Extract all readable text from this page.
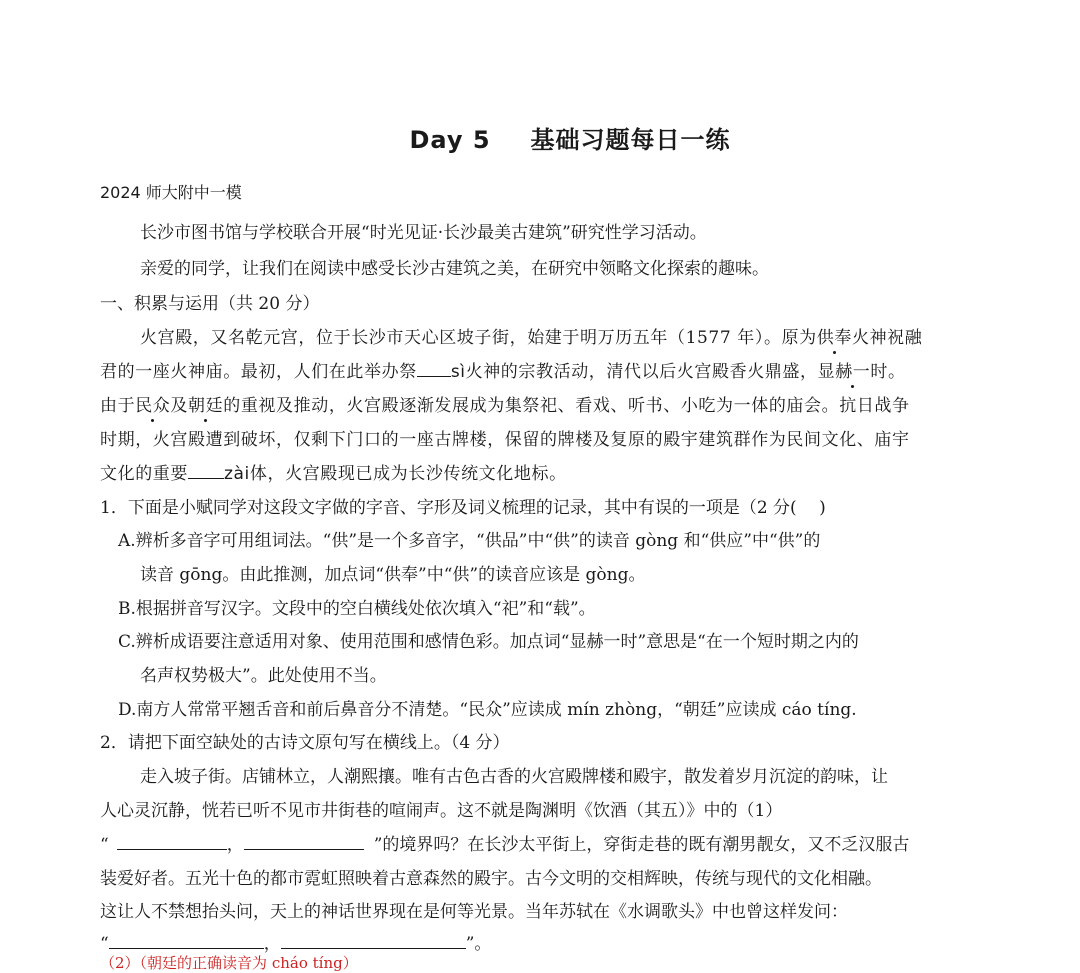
Day 5 基础习题每日一练
2024 师大附中一模
长沙市图书馆与学校联合开展“时光见证·长沙最美古建筑”研究性学习活动。
亲爱的同学，让我们在阅读中感受长沙古建筑之美，在研究中领略文化探索的趣味。
一、积累与运用（共 20 分）
火宫殿，又名乾元宫，位于长沙市天心区坡子街，始建于明万历五年（1577 年）。原为供奉火神祝融
君的一座火神庙。最初，人们在此举办祭 sì火神的宗教活动，清代以后火宫殿香火鼎盛，显赫一时。
由于民众及朝廷的重视及推动，火宫殿逐渐发展成为集祭祀、看戏、听书、小吃为一体的庙会。抗日战争
时期，火宫殿遭到破坏，仅剩下门口的一座古牌楼，保留的牌楼及复原的殿宇建筑群作为民间文化、庙宇
文化的重要 zài体，火宫殿现已成为长沙传统文化地标。
1．下面是小赋同学对这段文字做的字音、字形及词义梳理的记录，其中有误的一项是（2 分(　 )
A.辨析多音字可用组词法。“供”是一个多音字，“供品”中“供”的读音 gòng 和“供应”中“供”的
读音 gōng。由此推测，加点词“供奉”中“供”的读音应该是 gòng。
B.根据拼音写汉字。文段中的空白横线处依次填入“祀”和“载”。
C.辨析成语要注意适用对象、使用范围和感情色彩。加点词“显赫一时”意思是“在一个短时期之内的
名声权势极大”。此处使用不当。
D.南方人常常平翘舌音和前后鼻音分不清楚。“民众”应读成 mín zhòng，“朝廷”应读成 cáo tíng.
2．请把下面空缺处的古诗文原句写在横线上。（4 分）
走入坡子街。店铺林立，人潮熙攘。唯有古色古香的火宫殿牌楼和殿宇，散发着岁月沉淀的韵味，让
人心灵沉静，恍若已听不见市井街巷的喧闹声。这不就是陶渊明《饮酒（其五）》中的（1）
“	，	”的境界吗？在长沙太平街上，穿街走巷的既有潮男靓女，又不乏汉服古
装爱好者。五光十色的都市霓虹照映着古意森然的殿宇。古今文明的交相辉映，传统与现代的文化相融。
这让人不禁想抬头问，天上的神话世界现在是何等光景。当年苏轼在《水调歌头》中也曾这样发问：
“	，	”。
（2）（朝廷的正确读音为 cháo tíng）
